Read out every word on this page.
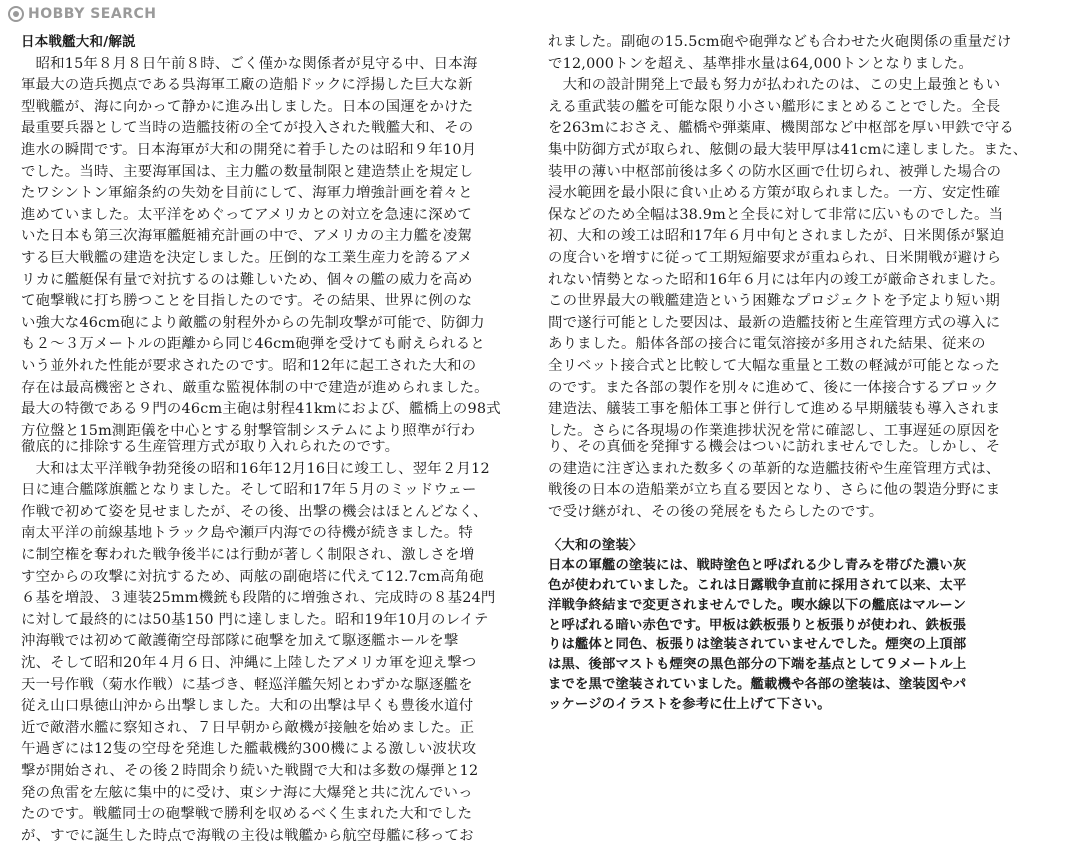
HOBBY SEARCH
日本戦艦大和/解説
　昭和15年８月８日午前８時、ごく僅かな関係者が見守る中、日本海
軍最大の造兵拠点である呉海軍工廠の造船ドックに浮揚した巨大な新
型戦艦が、海に向かって静かに進み出しました。日本の国運をかけた
最重要兵器として当時の造艦技術の全てが投入された戦艦大和、その
進水の瞬間です。日本海軍が大和の開発に着手したのは昭和９年10月
でした。当時、主要海軍国は、主力艦の数量制限と建造禁止を規定し
たワシントン軍縮条約の失効を目前にして、海軍力増強計画を着々と
進めていました。太平洋をめぐってアメリカとの対立を急速に深めて
いた日本も第三次海軍艦艇補充計画の中で、アメリカの主力艦を凌駕
する巨大戦艦の建造を決定しました。圧倒的な工業生産力を誇るアメ
リカに艦艇保有量で対抗するのは難しいため、個々の艦の威力を高め
て砲撃戦に打ち勝つことを目指したのです。その結果、世界に例のな
い強大な46cm砲により敵艦の射程外からの先制攻撃が可能で、防御力
も２～３万メートルの距離から同じ46cm砲弾を受けても耐えられると
いう並外れた性能が要求されたのです。昭和12年に起工された大和の
存在は最高機密とされ、厳重な監視体制の中で建造が進められました。
最大の特徴である９門の46cm主砲は射程41kmにおよび、艦橋上の98式
方位盤と15m測距儀を中心とする射撃管制システムにより照準が行わ
徹底的に排除する生産管理方式が取り入れられたのです。
　大和は太平洋戦争勃発後の昭和16年12月16日に竣工し、翌年２月12
日に連合艦隊旗艦となりました。そして昭和17年５月のミッドウェー
作戦で初めて姿を見せましたが、その後、出撃の機会はほとんどなく、
南太平洋の前線基地トラック島や瀬戸内海での待機が続きました。特
に制空権を奪われた戦争後半には行動が著しく制限され、激しさを増
す空からの攻撃に対抗するため、両舷の副砲塔に代えて12.7cm高角砲
６基を増設、３連装25mm機銃も段階的に増強され、完成時の８基24門
に対して最終的には50基150 門に達しました。昭和19年10月のレイテ
沖海戦では初めて敵護衛空母部隊に砲撃を加えて駆逐艦ホールを撃
沈、そして昭和20年４月６日、沖縄に上陸したアメリカ軍を迎え撃つ
天一号作戦（菊水作戦）に基づき、軽巡洋艦矢矧とわずかな駆逐艦を
従え山口県徳山沖から出撃しました。大和の出撃は早くも豊後水道付
近で敵潜水艦に察知され、７日早朝から敵機が接触を始めました。正
午過ぎには12隻の空母を発進した艦載機約300機による激しい波状攻
撃が開始され、その後２時間余り続いた戦闘で大和は多数の爆弾と12
発の魚雷を左舷に集中的に受け、東シナ海に大爆発と共に沈んでいっ
たのです。戦艦同士の砲撃戦で勝利を収めるべく生まれた大和でした
が、すでに誕生した時点で海戦の主役は戦艦から航空母艦に移ってお
れました。副砲の15.5cm砲や砲弾なども合わせた火砲関係の重量だけ
で12,000トンを超え、基準排水量は64,000トンとなりました。
　大和の設計開発上で最も努力が払われたのは、この史上最強ともい
える重武装の艦を可能な限り小さい艦形にまとめることでした。全長
を263mにおさえ、艦橋や弾薬庫、機関部など中枢部を厚い甲鉄で守る
集中防御方式が取られ、舷側の最大装甲厚は41cmに達しました。また、
装甲の薄い中枢部前後は多くの防水区画で仕切られ、被弾した場合の
浸水範囲を最小限に食い止める方策が取られました。一方、安定性確
保などのため全幅は38.9mと全長に対して非常に広いものでした。当
初、大和の竣工は昭和17年６月中旬とされましたが、日米関係が緊迫
の度合いを増すに従って工期短縮要求が重ねられ、日米開戦が避けら
れない情勢となった昭和16年６月には年内の竣工が厳命されました。
この世界最大の戦艦建造という困難なプロジェクトを予定より短い期
間で遂行可能とした要因は、最新の造艦技術と生産管理方式の導入に
ありました。船体各部の接合に電気溶接が多用された結果、従来の
全リベット接合式と比較して大幅な重量と工数の軽減が可能となった
のです。また各部の製作を別々に進めて、後に一体接合するブロック
建造法、艤装工事を船体工事と併行して進める早期艤装も導入されま
した。さらに各現場の作業進捗状況を常に確認し、工事遅延の原因を
り、その真価を発揮する機会はついに訪れませんでした。しかし、そ
の建造に注ぎ込まれた数多くの革新的な造艦技術や生産管理方式は、
戦後の日本の造船業が立ち直る要因となり、さらに他の製造分野にま
で受け継がれ、その後の発展をもたらしたのです。
〈大和の塗装〉
日本の軍艦の塗装には、戦時塗色と呼ばれる少し青みを帯びた濃い灰
色が使われていました。これは日露戦争直前に採用されて以来、太平
洋戦争終結まで変更されませんでした。喫水線以下の艦底はマルーン
と呼ばれる暗い赤色です。甲板は鉄板張りと板張りが使われ、鉄板張
りは艦体と同色、板張りは塗装されていませんでした。煙突の上頂部
は黒、後部マストも煙突の黒色部分の下端を基点として９メートル上
までを黒で塗装されていました。艦載機や各部の塗装は、塗装図やパ
ッケージのイラストを参考に仕上げて下さい。
